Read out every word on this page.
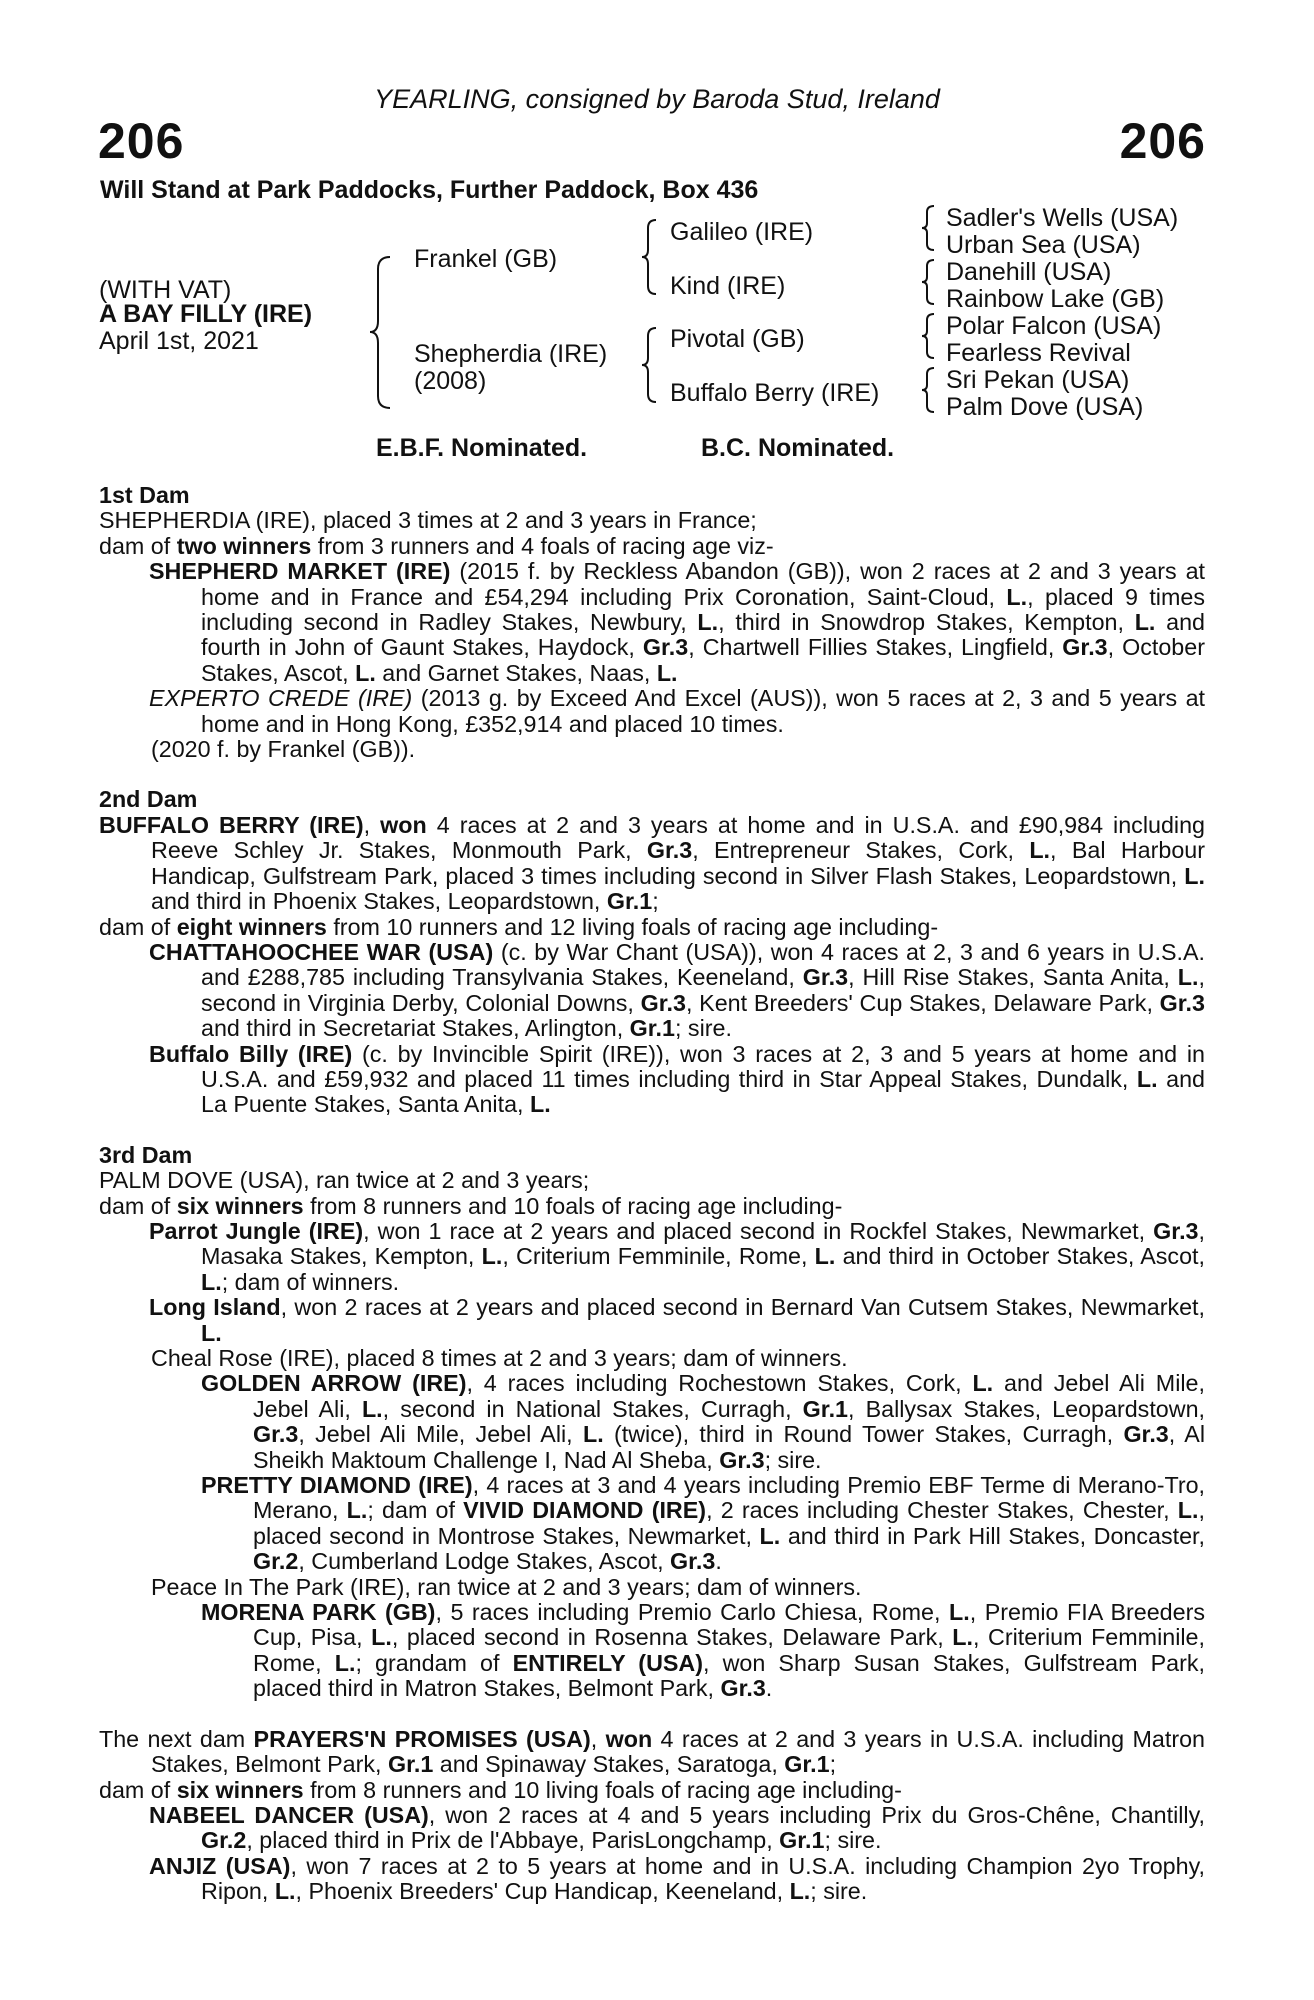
YEARLING, consigned by Baroda Stud, Ireland
206	206
Will Stand at Park Paddocks, Further Paddock, Box 436
(WITH VAT)
A BAY FILLY (IRE)
April 1st, 2021
Frankel (GB)
Shepherdia (IRE)
(2008)
Galileo (IRE)
Kind (IRE)
Pivotal (GB)
Buffalo Berry (IRE)
Sadler's Wells (USA)
Urban Sea (USA)
Danehill (USA)
Rainbow Lake (GB)
Polar Falcon (USA)
Fearless Revival
Sri Pekan (USA)
Palm Dove (USA)
E.B.F. Nominated.	B.C. Nominated.
1st Dam
SHEPHERDIA (IRE), placed 3 times at 2 and 3 years in France;
dam of two winners from 3 runners and 4 foals of racing age viz-
SHEPHERD MARKET (IRE) (2015 f. by Reckless Abandon (GB)), won 2 races at 2 and 3 years at home and in France and £54,294 including Prix Coronation, Saint-Cloud, L., placed 9 times including second in Radley Stakes, Newbury, L., third in Snowdrop Stakes, Kempton, L. and fourth in John of Gaunt Stakes, Haydock, Gr.3, Chartwell Fillies Stakes, Lingfield, Gr.3, October Stakes, Ascot, L. and Garnet Stakes, Naas, L.
EXPERTO CREDE (IRE) (2013 g. by Exceed And Excel (AUS)), won 5 races at 2, 3 and 5 years at home and in Hong Kong, £352,914 and placed 10 times.
(2020 f. by Frankel (GB)).
2nd Dam
BUFFALO BERRY (IRE), won 4 races at 2 and 3 years at home and in U.S.A. and £90,984 including Reeve Schley Jr. Stakes, Monmouth Park, Gr.3, Entrepreneur Stakes, Cork, L., Bal Harbour Handicap, Gulfstream Park, placed 3 times including second in Silver Flash Stakes, Leopardstown, L. and third in Phoenix Stakes, Leopardstown, Gr.1;
dam of eight winners from 10 runners and 12 living foals of racing age including-
CHATTAHOOCHEE WAR (USA) (c. by War Chant (USA)), won 4 races at 2, 3 and 6 years in U.S.A. and £288,785 including Transylvania Stakes, Keeneland, Gr.3, Hill Rise Stakes, Santa Anita, L., second in Virginia Derby, Colonial Downs, Gr.3, Kent Breeders' Cup Stakes, Delaware Park, Gr.3 and third in Secretariat Stakes, Arlington, Gr.1; sire.
Buffalo Billy (IRE) (c. by Invincible Spirit (IRE)), won 3 races at 2, 3 and 5 years at home and in U.S.A. and £59,932 and placed 11 times including third in Star Appeal Stakes, Dundalk, L. and La Puente Stakes, Santa Anita, L.
3rd Dam
PALM DOVE (USA), ran twice at 2 and 3 years;
dam of six winners from 8 runners and 10 foals of racing age including-
Parrot Jungle (IRE), won 1 race at 2 years and placed second in Rockfel Stakes, Newmarket, Gr.3, Masaka Stakes, Kempton, L., Criterium Femminile, Rome, L. and third in October Stakes, Ascot, L.; dam of winners.
Long Island, won 2 races at 2 years and placed second in Bernard Van Cutsem Stakes, Newmarket, L.
Cheal Rose (IRE), placed 8 times at 2 and 3 years; dam of winners.
GOLDEN ARROW (IRE), 4 races including Rochestown Stakes, Cork, L. and Jebel Ali Mile, Jebel Ali, L., second in National Stakes, Curragh, Gr.1, Ballysax Stakes, Leopardstown, Gr.3, Jebel Ali Mile, Jebel Ali, L. (twice), third in Round Tower Stakes, Curragh, Gr.3, Al Sheikh Maktoum Challenge I, Nad Al Sheba, Gr.3; sire.
PRETTY DIAMOND (IRE), 4 races at 3 and 4 years including Premio EBF Terme di Merano-Tro, Merano, L.; dam of VIVID DIAMOND (IRE), 2 races including Chester Stakes, Chester, L., placed second in Montrose Stakes, Newmarket, L. and third in Park Hill Stakes, Doncaster, Gr.2, Cumberland Lodge Stakes, Ascot, Gr.3.
Peace In The Park (IRE), ran twice at 2 and 3 years; dam of winners.
MORENA PARK (GB), 5 races including Premio Carlo Chiesa, Rome, L., Premio FIA Breeders Cup, Pisa, L., placed second in Rosenna Stakes, Delaware Park, L., Criterium Femminile, Rome, L.; grandam of ENTIRELY (USA), won Sharp Susan Stakes, Gulfstream Park, placed third in Matron Stakes, Belmont Park, Gr.3.
The next dam PRAYERS'N PROMISES (USA), won 4 races at 2 and 3 years in U.S.A. including Matron Stakes, Belmont Park, Gr.1 and Spinaway Stakes, Saratoga, Gr.1;
dam of six winners from 8 runners and 10 living foals of racing age including-
NABEEL DANCER (USA), won 2 races at 4 and 5 years including Prix du Gros-Chêne, Chantilly, Gr.2, placed third in Prix de l'Abbaye, ParisLongchamp, Gr.1; sire.
ANJIZ (USA), won 7 races at 2 to 5 years at home and in U.S.A. including Champion 2yo Trophy, Ripon, L., Phoenix Breeders' Cup Handicap, Keeneland, L.; sire.
